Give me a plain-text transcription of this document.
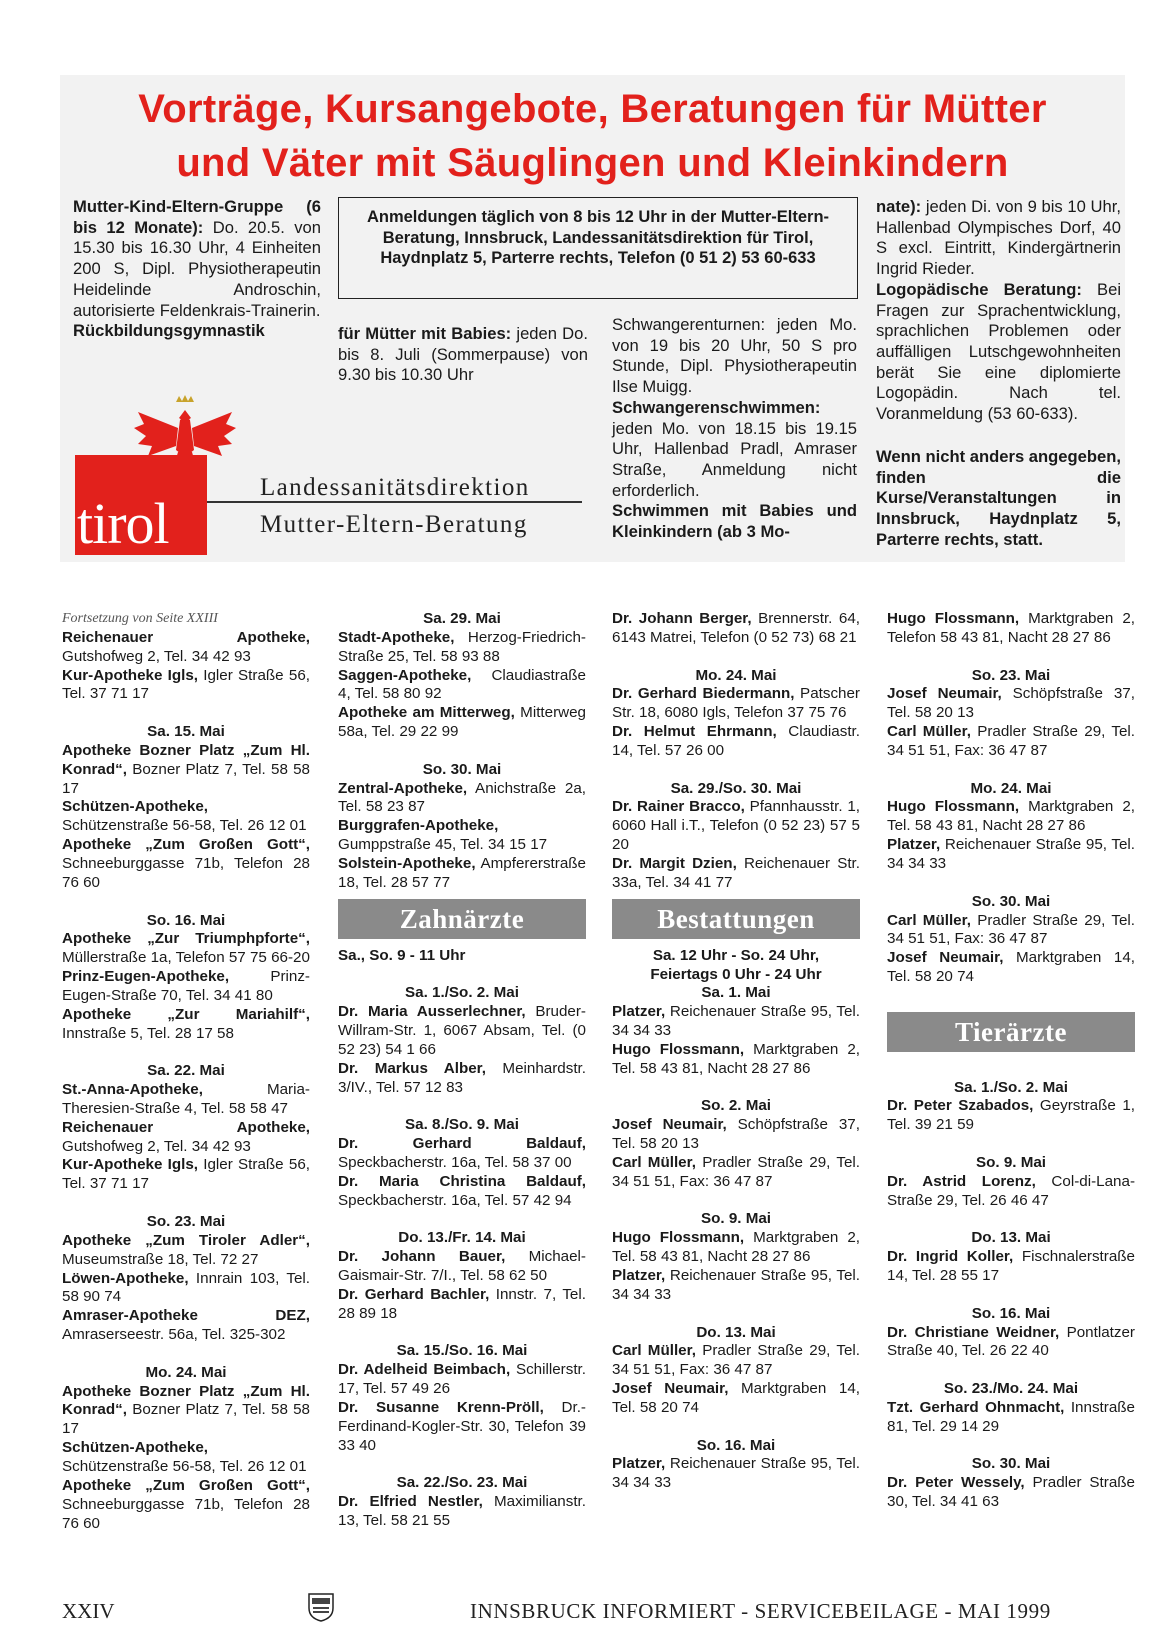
Vorträge, Kursangebote, Beratungen für Mütter
und Väter mit Säuglingen und Kleinkindern
Mutter-Kind-Eltern-Gruppe (6 bis 12 Monate): Do. 20.5. von 15.30 bis 16.30 Uhr, 4 Einheiten 200 S, Dipl. Physiotherapeutin Heidelinde Androschin, autorisierte Feldenkrais-Trainerin.
Rückbildungsgymnastik
Anmeldungen täglich von 8 bis 12 Uhr in der Mutter-Eltern-Beratung, Innsbruck, Landessanitätsdirektion für Tirol, Haydnplatz 5, Parterre rechts, Telefon (0 51 2) 53 60-633
für Mütter mit Babies: jeden Do. bis 8. Juli (Sommerpause) von 9.30 bis 10.30 Uhr
Schwangerenturnen: jeden Mo. von 19 bis 20 Uhr, 50 S pro Stunde, Dipl. Physiotherapeutin Ilse Muigg.
Schwangerenschwimmen: jeden Mo. von 18.15 bis 19.15 Uhr, Hallenbad Pradl, Amraser Straße, Anmeldung nicht erforderlich.
Schwimmen mit Babies und Kleinkindern (ab 3 Mo-
nate): jeden Di. von 9 bis 10 Uhr, Hallenbad Olympisches Dorf, 40 S excl. Eintritt, Kindergärtnerin Ingrid Rieder.
Logopädische Beratung: Bei Fragen zur Sprachentwicklung, sprachlichen Problemen oder auffälligen Lutschgewohnheiten berät Sie eine diplomierte Logopädin. Nach tel. Voranmeldung (53 60-633).
Wenn nicht anders angegeben, finden die Kurse/Veranstaltungen in Innsbruck, Haydnplatz 5, Parterre rechts, statt.
tirol
Landessanitätsdirektion
Mutter-Eltern-Beratung
Fortsetzung von Seite XXIII
Reichenauer Apotheke, Gutshofweg 2, Tel. 34 42 93
Kur-Apotheke Igls, Igler Straße 56, Tel. 37 71 17
Sa. 15. Mai
Apotheke Bozner Platz „Zum Hl. Konrad“, Bozner Platz 7, Tel. 58 58 17
Schützen-Apotheke, Schützenstraße 56-58, Tel. 26 12 01
Apotheke „Zum Großen Gott“, Schneeburggasse 71b, Telefon 28 76 60
So. 16. Mai
Apotheke „Zur Triumphpforte“, Müllerstraße 1a, Telefon 57 75 66-20
Prinz-Eugen-Apotheke, Prinz-Eugen-Straße 70, Tel. 34 41 80
Apotheke „Zur Mariahilf“, Innstraße 5, Tel. 28 17 58
Sa. 22. Mai
St.-Anna-Apotheke, Maria-Theresien-Straße 4, Tel. 58 58 47
Reichenauer Apotheke, Gutshofweg 2, Tel. 34 42 93
Kur-Apotheke Igls, Igler Straße 56, Tel. 37 71 17
So. 23. Mai
Apotheke „Zum Tiroler Adler“, Museumstraße 18, Tel. 72 27
Löwen-Apotheke, Innrain 103, Tel. 58 90 74
Amraser-Apotheke DEZ, Amraserseestr. 56a, Tel. 325-302
Mo. 24. Mai
Apotheke Bozner Platz „Zum Hl. Konrad“, Bozner Platz 7, Tel. 58 58 17
Schützen-Apotheke, Schützenstraße 56-58, Tel. 26 12 01
Apotheke „Zum Großen Gott“, Schneeburggasse 71b, Telefon 28 76 60
Sa. 29. Mai
Stadt-Apotheke, Herzog-Friedrich-Straße 25, Tel. 58 93 88
Saggen-Apotheke, Claudiastraße 4, Tel. 58 80 92
Apotheke am Mitterweg, Mitterweg 58a, Tel. 29 22 99
So. 30. Mai
Zentral-Apotheke, Anichstraße 2a, Tel. 58 23 87
Burggrafen-Apotheke, Gumppstraße 45, Tel. 34 15 17
Solstein-Apotheke, Ampfererstraße 18, Tel. 28 57 77
Zahnärzte
Sa., So. 9 - 11 Uhr
Sa. 1./So. 2. Mai
Dr. Maria Ausserlechner, Bruder-Willram-Str. 1, 6067 Absam, Tel. (0 52 23) 54 1 66
Dr. Markus Alber, Meinhardstr. 3/IV., Tel. 57 12 83
Sa. 8./So. 9. Mai
Dr. Gerhard Baldauf, Speckbacherstr. 16a, Tel. 58 37 00
Dr. Maria Christina Baldauf, Speckbacherstr. 16a, Tel. 57 42 94
Do. 13./Fr. 14. Mai
Dr. Johann Bauer, Michael-Gaismair-Str. 7/I., Tel. 58 62 50
Dr. Gerhard Bachler, Innstr. 7, Tel. 28 89 18
Sa. 15./So. 16. Mai
Dr. Adelheid Beimbach, Schillerstr. 17, Tel. 57 49 26
Dr. Susanne Krenn-Pröll, Dr.-Ferdinand-Kogler-Str. 30, Telefon 39 33 40
Sa. 22./So. 23. Mai
Dr. Elfried Nestler, Maximilianstr. 13, Tel. 58 21 55
Dr. Johann Berger, Brennerstr. 64, 6143 Matrei, Telefon (0 52 73) 68 21
Mo. 24. Mai
Dr. Gerhard Biedermann, Patscher Str. 18, 6080 Igls, Telefon 37 75 76
Dr. Helmut Ehrmann, Claudiastr. 14, Tel. 57 26 00
Sa. 29./So. 30. Mai
Dr. Rainer Bracco, Pfannhausstr. 1, 6060 Hall i.T., Telefon (0 52 23) 57 5 20
Dr. Margit Dzien, Reichenauer Str. 33a, Tel. 34 41 77
Bestattungen
Sa. 12 Uhr - So. 24 Uhr,
Feiertags 0 Uhr - 24 Uhr
Sa. 1. Mai
Platzer, Reichenauer Straße 95, Tel. 34 34 33
Hugo Flossmann, Marktgraben 2, Tel. 58 43 81, Nacht 28 27 86
So. 2. Mai
Josef Neumair, Schöpfstraße 37, Tel. 58 20 13
Carl Müller, Pradler Straße 29, Tel. 34 51 51, Fax: 36 47 87
So. 9. Mai
Hugo Flossmann, Marktgraben 2, Tel. 58 43 81, Nacht 28 27 86
Platzer, Reichenauer Straße 95, Tel. 34 34 33
Do. 13. Mai
Carl Müller, Pradler Straße 29, Tel. 34 51 51, Fax: 36 47 87
Josef Neumair, Marktgraben 14, Tel. 58 20 74
So. 16. Mai
Platzer, Reichenauer Straße 95, Tel. 34 34 33
Hugo Flossmann, Marktgraben 2, Telefon 58 43 81, Nacht 28 27 86
So. 23. Mai
Josef Neumair, Schöpfstraße 37, Tel. 58 20 13
Carl Müller, Pradler Straße 29, Tel. 34 51 51, Fax: 36 47 87
Mo. 24. Mai
Hugo Flossmann, Marktgraben 2, Tel. 58 43 81, Nacht 28 27 86
Platzer, Reichenauer Straße 95, Tel. 34 34 33
So. 30. Mai
Carl Müller, Pradler Straße 29, Tel. 34 51 51, Fax: 36 47 87
Josef Neumair, Marktgraben 14, Tel. 58 20 74
Tierärzte
Sa. 1./So. 2. Mai
Dr. Peter Szabados, Geyrstraße 1, Tel. 39 21 59
So. 9. Mai
Dr. Astrid Lorenz, Col-di-Lana-Straße 29, Tel. 26 46 47
Do. 13. Mai
Dr. Ingrid Koller, Fischnalerstraße 14, Tel. 28 55 17
So. 16. Mai
Dr. Christiane Weidner, Pontlatzer Straße 40, Tel. 26 22 40
So. 23./Mo. 24. Mai
Tzt. Gerhard Ohnmacht, Innstraße 81, Tel. 29 14 29
So. 30. Mai
Dr. Peter Wessely, Pradler Straße 30, Tel. 34 41 63
XXIV	INNSBRUCK INFORMIERT - SERVICEBEILAGE - MAI 1999
